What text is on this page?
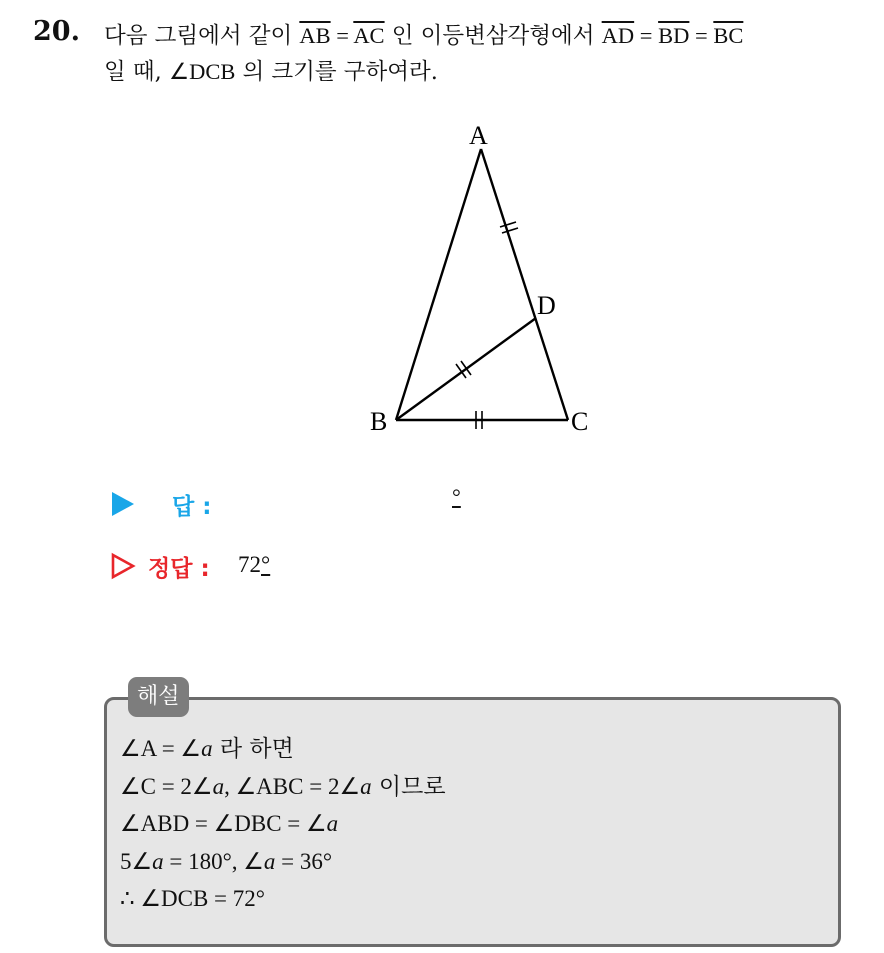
20. 다음 그림에서 같이 $\overline{AB} = \overline{AC}$ 인 이등변삼각형에서 $\overline{AD} = \overline{BD} = \overline{BC}$
일 때, ∠DCB 의 크기를 구하여라.
A
B	C
D
답 :	°
정답 : 72°
해설
∠A = ∠a 라 하면
∠C = 2∠a, ∠ABC = 2∠a 이므로
∠ABD = ∠DBC = ∠a
5∠a = 180°, ∠a = 36°
∴ ∠DCB = 72°
